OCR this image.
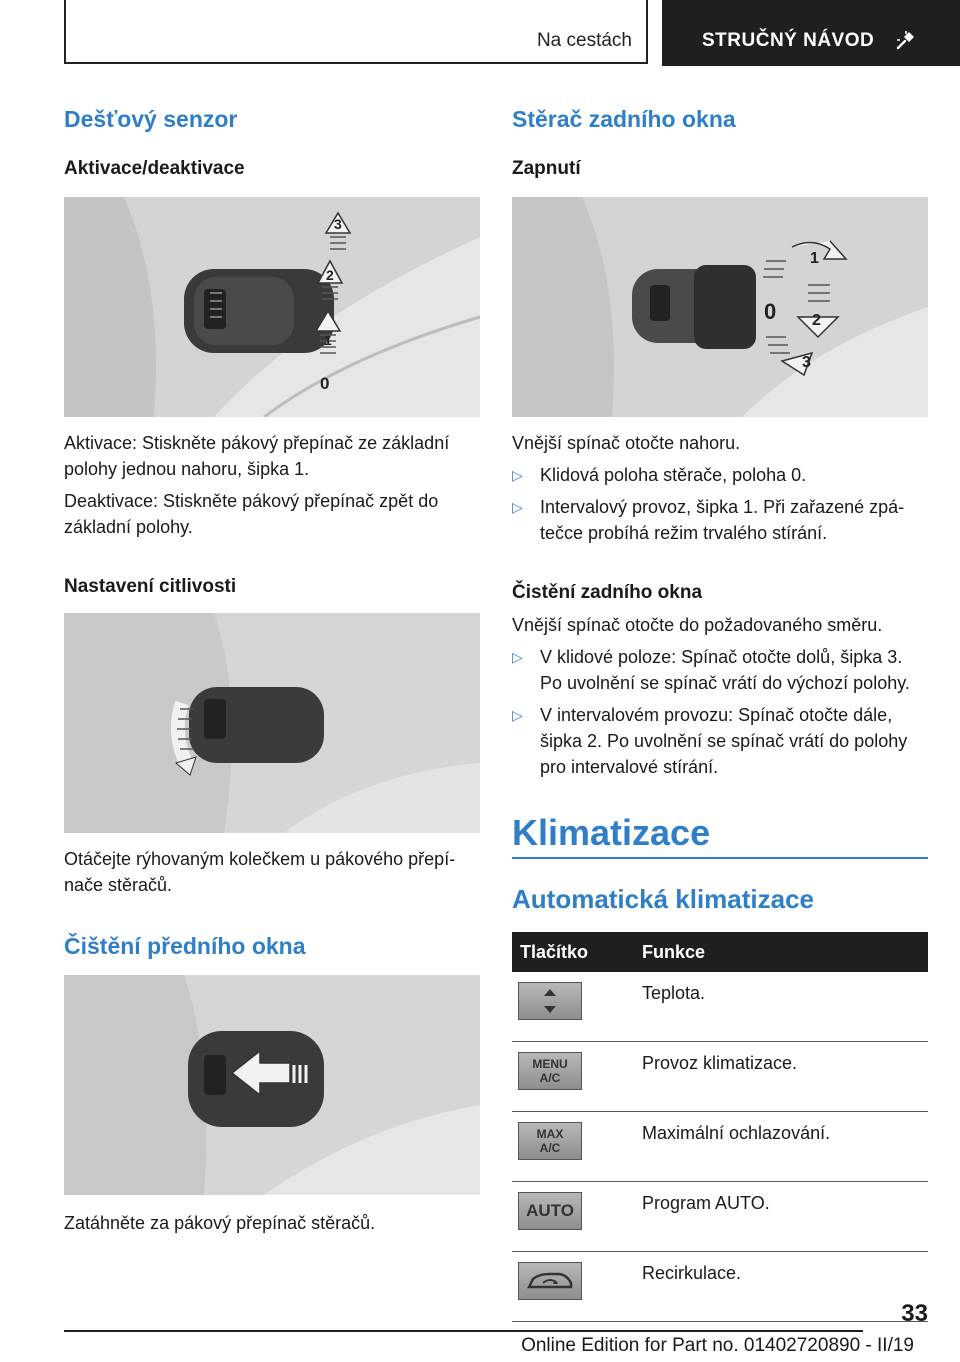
Na cestách	STRUČNÝ NÁVOD
Dešťový senzor
Aktivace/deaktivace
3
2
1
0

Aktivace: Stiskněte pákový přepínač ze základní polohy jednou nahoru, šipka 1.

Deaktivace: Stiskněte pákový přepínač zpět do základní polohy.

Nastavení citlivosti

Otáčejte rýhovaným kolečkem u pákového přepínače stěračů.

Čištění předního okna

Zatáhněte za pákový přepínač stěračů.

Stěrač zadního okna
Zapnutí
1
0 2
3

Vnější spínač otočte nahoru.

▷ Klidová poloha stěrače, poloha 0.
▷ Intervalový provoz, šipka 1. Při zařazené zpátečce probíhá režim trvalého stírání.
Čistění zadního okna

Vnější spínač otočte do požadovaného směru.

▷ V klidové poloze: Spínač otočte dolů, šipka 3. Po uvolnění se spínač vrátí do výchozí polohy.
▷ V intervalovém provozu: Spínač otočte dále, šipka 2. Po uvolnění se spínač vrátí do polohy pro intervalové stírání.
Klimatizace
Automatická klimatizace
Tlačítko	Funkce

	Teplota.

MENU
A/C	Provoz klimatizace.

MAX
A/C	Maximální ochlazování.

AUTO	Program AUTO.

	Recirkulace.
33
Online Edition for Part no. 01402720890 - II/19
